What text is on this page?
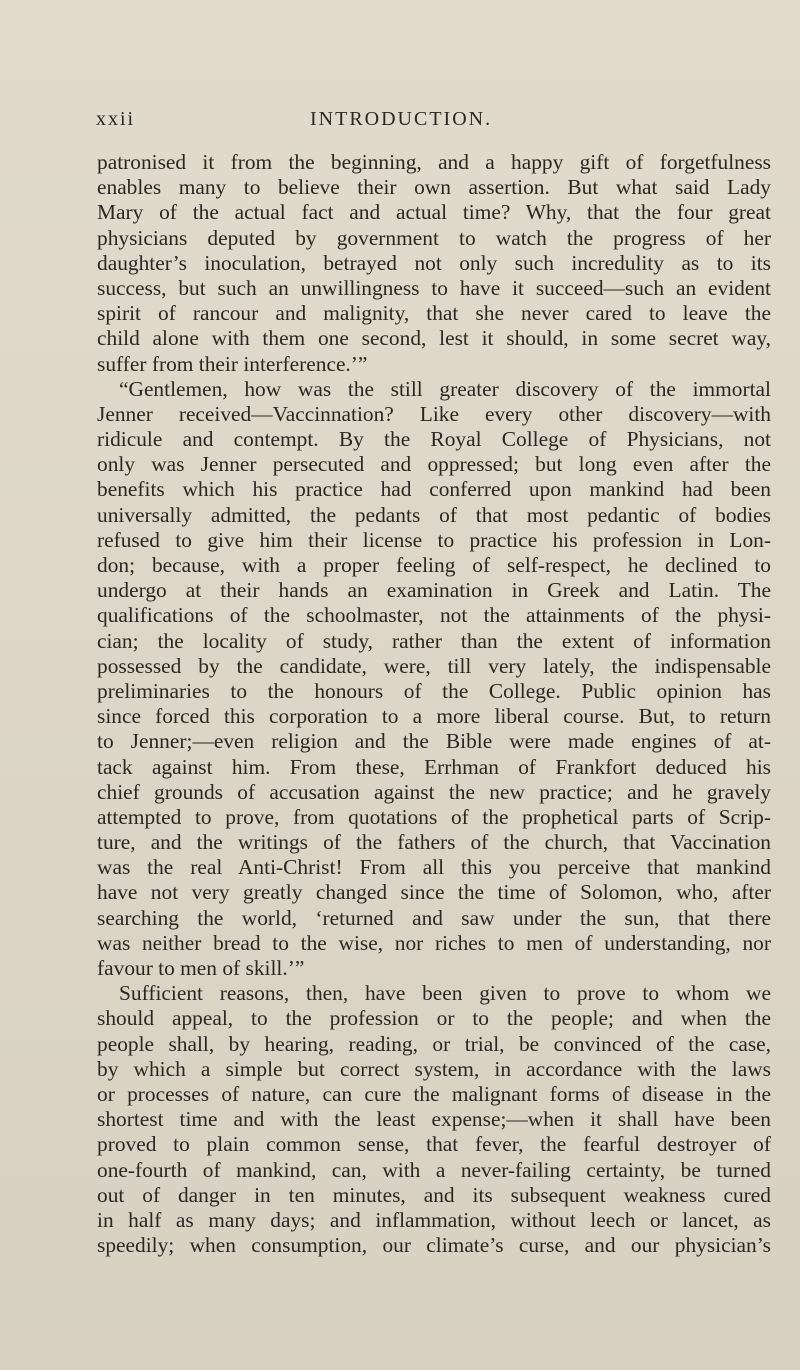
xxii	INTRODUCTION.
patronised it from the beginning, and a happy gift of forgetfulness
enables many to believe their own assertion. But what said Lady
Mary of the actual fact and actual time? Why, that the four great
physicians deputed by government to watch the progress of her
daughter’s inoculation, betrayed not only such incredulity as to its
success, but such an unwillingness to have it succeed—such an evident
spirit of rancour and malignity, that she never cared to leave the
child alone with them one second, lest it should, in some secret way,
suffer from their interference.’”
“Gentlemen, how was the still greater discovery of the immortal
Jenner received—Vaccinnation? Like every other discovery—with
ridicule and contempt. By the Royal College of Physicians, not
only was Jenner persecuted and oppressed; but long even after the
benefits which his practice had conferred upon mankind had been
universally admitted, the pedants of that most pedantic of bodies
refused to give him their license to practice his profession in Lon-
don; because, with a proper feeling of self-respect, he declined to
undergo at their hands an examination in Greek and Latin. The
qualifications of the schoolmaster, not the attainments of the physi-
cian; the locality of study, rather than the extent of information
possessed by the candidate, were, till very lately, the indispensable
preliminaries to the honours of the College. Public opinion has
since forced this corporation to a more liberal course. But, to return
to Jenner;—even religion and the Bible were made engines of at-
tack against him. From these, Errhman of Frankfort deduced his
chief grounds of accusation against the new practice; and he gravely
attempted to prove, from quotations of the prophetical parts of Scrip-
ture, and the writings of the fathers of the church, that Vaccination
was the real Anti-Christ! From all this you perceive that mankind
have not very greatly changed since the time of Solomon, who, after
searching the world, ‘returned and saw under the sun, that there
was neither bread to the wise, nor riches to men of understanding, nor
favour to men of skill.’”
Sufficient reasons, then, have been given to prove to whom we
should appeal, to the profession or to the people; and when the
people shall, by hearing, reading, or trial, be convinced of the case,
by which a simple but correct system, in accordance with the laws
or processes of nature, can cure the malignant forms of disease in the
shortest time and with the least expense;—when it shall have been
proved to plain common sense, that fever, the fearful destroyer of
one-fourth of mankind, can, with a never-failing certainty, be turned
out of danger in ten minutes, and its subsequent weakness cured
in half as many days; and inflammation, without leech or lancet, as
speedily; when consumption, our climate’s curse, and our physician’s
